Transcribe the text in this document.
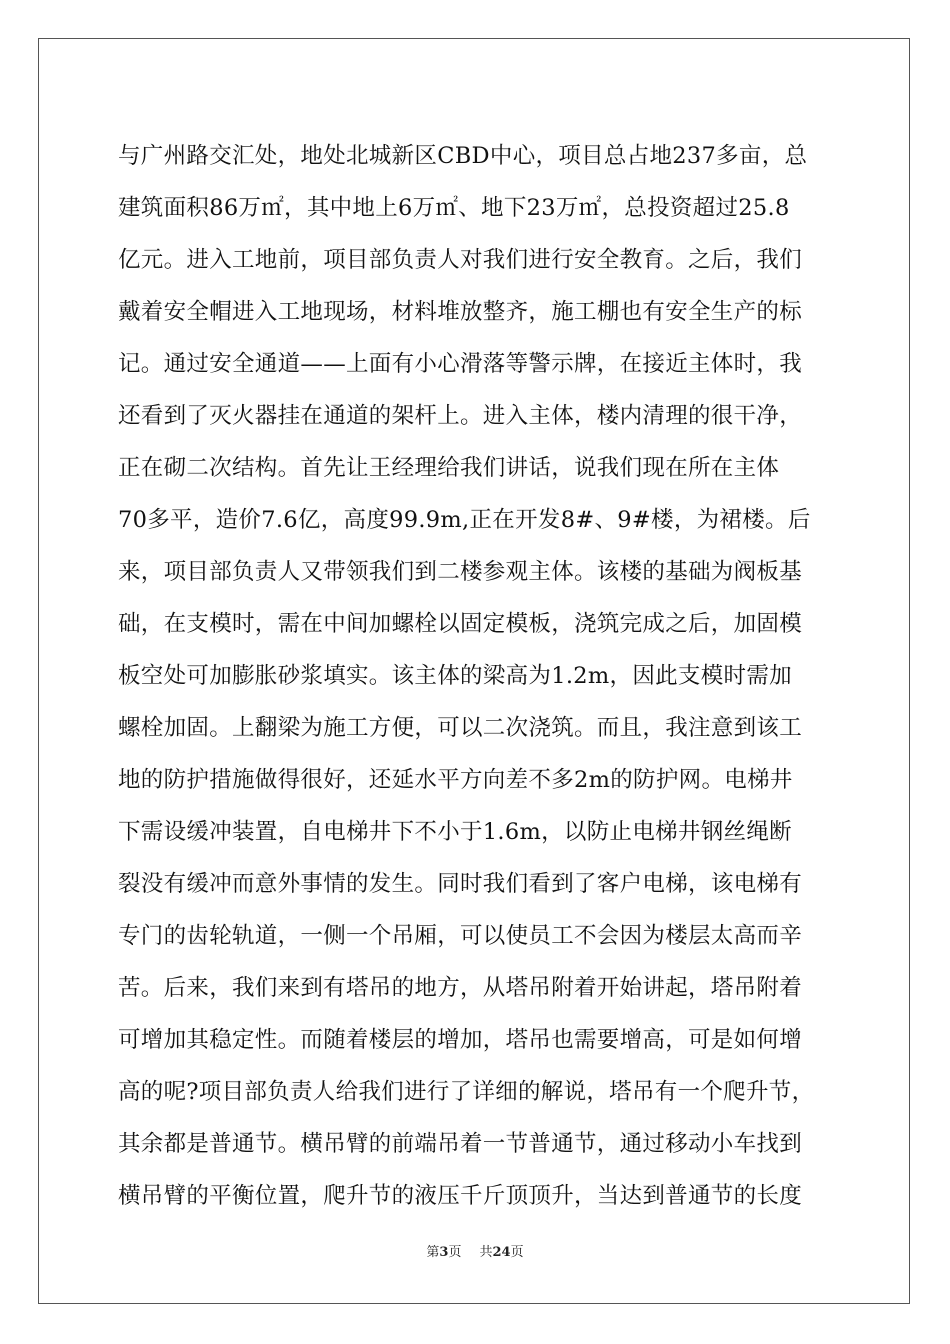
与广州路交汇处，地处北城新区CBD中心，项目总占地237多亩，总
建筑面积86万㎡，其中地上6万㎡、地下23万㎡，总投资超过25.8
亿元。进入工地前，项目部负责人对我们进行安全教育。之后，我们
戴着安全帽进入工地现场，材料堆放整齐，施工棚也有安全生产的标
记。通过安全通道——上面有小心滑落等警示牌，在接近主体时，我
还看到了灭火器挂在通道的架杆上。进入主体，楼内清理的很干净，
正在砌二次结构。首先让王经理给我们讲话，说我们现在所在主体
70多平，造价7.6亿，高度99.9m,正在开发8#、9#楼，为裙楼。后
来，项目部负责人又带领我们到二楼参观主体。该楼的基础为阀板基
础，在支模时，需在中间加螺栓以固定模板，浇筑完成之后，加固模
板空处可加膨胀砂浆填实。该主体的梁高为1.2m，因此支模时需加
螺栓加固。上翻梁为施工方便，可以二次浇筑。而且，我注意到该工
地的防护措施做得很好，还延水平方向差不多2m的防护网。电梯井
下需设缓冲装置，自电梯井下不小于1.6m，以防止电梯井钢丝绳断
裂没有缓冲而意外事情的发生。同时我们看到了客户电梯，该电梯有
专门的齿轮轨道，一侧一个吊厢，可以使员工不会因为楼层太高而辛
苦。后来，我们来到有塔吊的地方，从塔吊附着开始讲起，塔吊附着
可增加其稳定性。而随着楼层的增加，塔吊也需要增高，可是如何增
高的呢?项目部负责人给我们进行了详细的解说，塔吊有一个爬升节，
其余都是普通节。横吊臂的前端吊着一节普通节，通过移动小车找到
横吊臂的平衡位置，爬升节的液压千斤顶顶升，当达到普通节的长度
第3页 共24页
